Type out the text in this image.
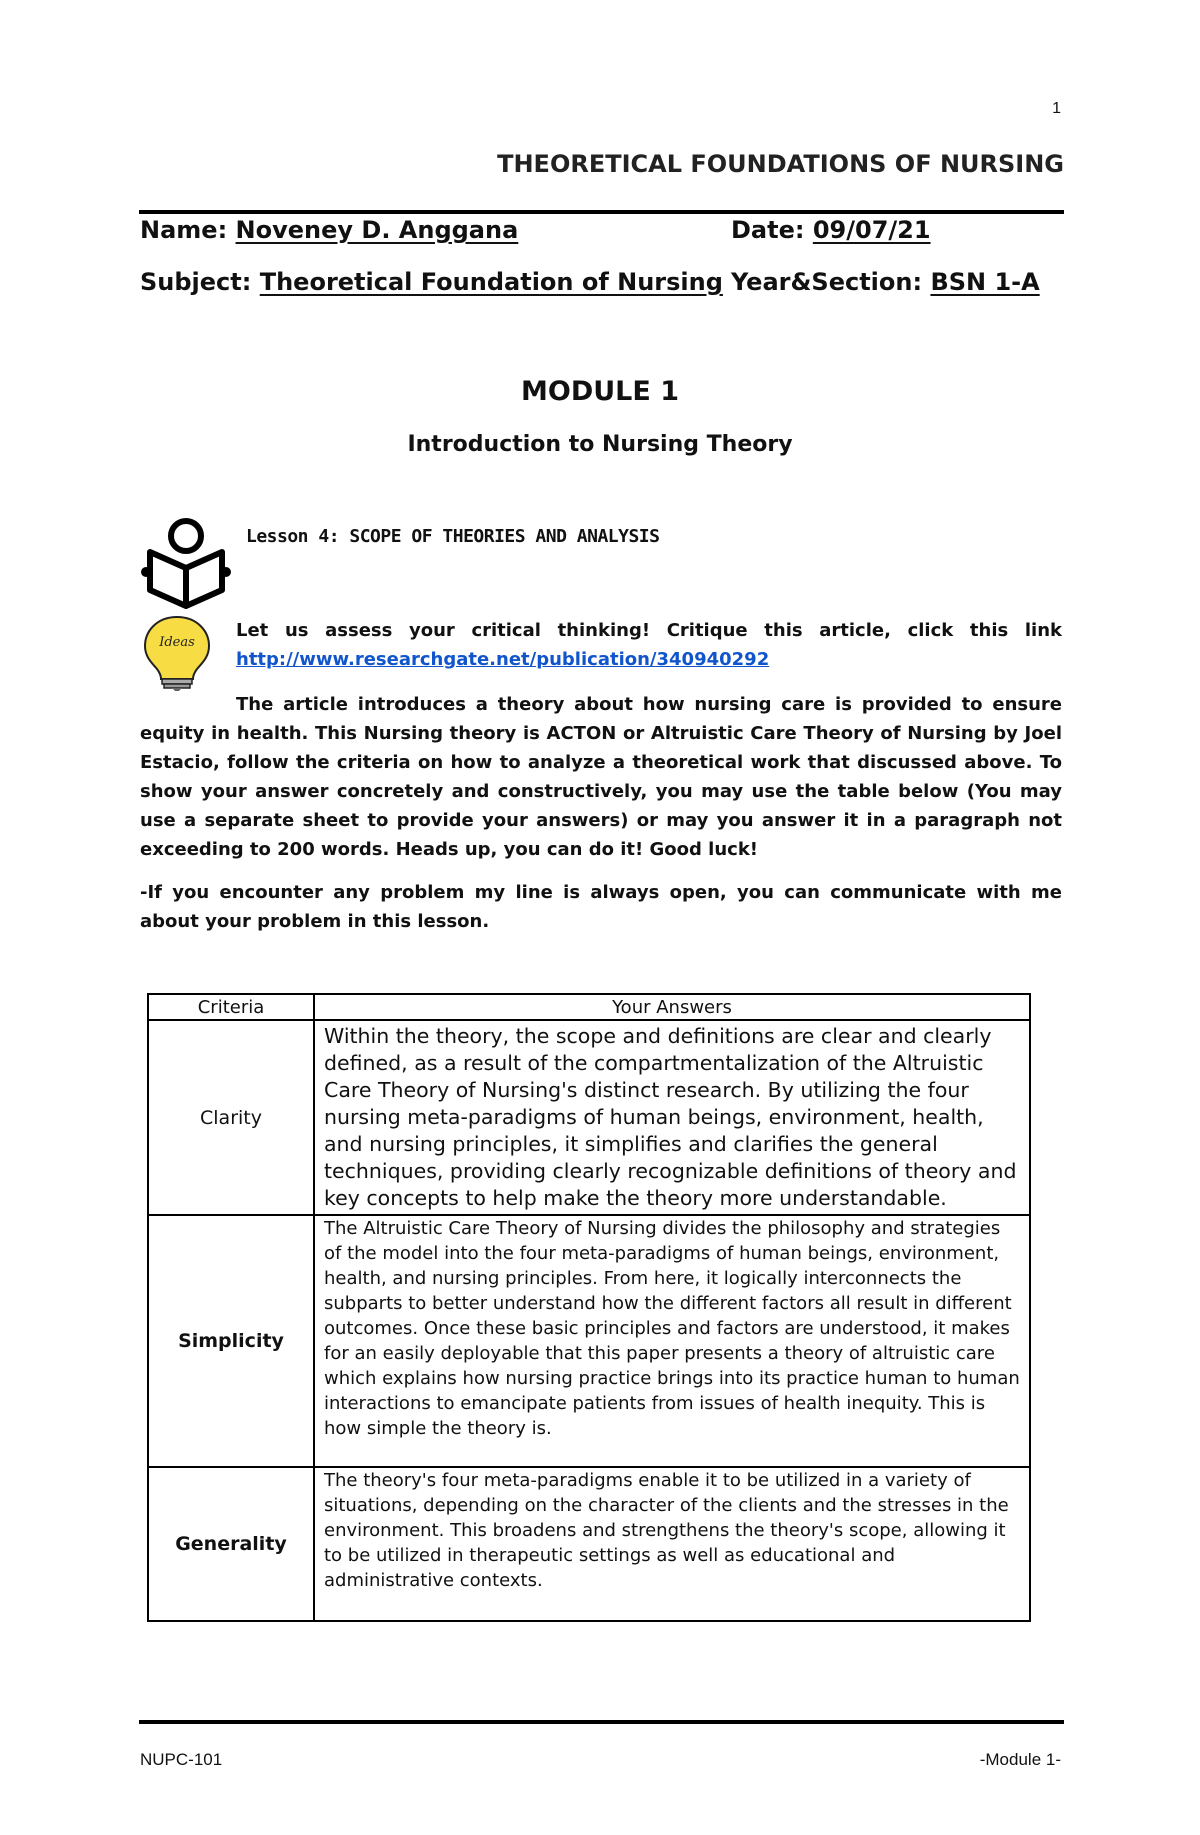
1
THEORETICAL FOUNDATIONS OF NURSING
Name: Noveney D. Anggana	Date: 09/07/21
Subject: Theoretical Foundation of Nursing Year&Section: BSN 1-A
MODULE 1
Introduction to Nursing Theory
Lesson 4: SCOPE OF THEORIES AND ANALYSIS
Ideas
Let us assess your critical thinking! Critique this article, click this link
http://www.researchgate.net/publication/340940292
The article introduces a theory about how nursing care is provided to ensure equity in health. This Nursing theory is ACTON or Altruistic Care Theory of Nursing by Joel Estacio, follow the criteria on how to analyze a theoretical work that discussed above. To show your answer concretely and constructively, you may use the table below (You may use a separate sheet to provide your answers) or may you answer it in a paragraph not exceeding to 200 words. Heads up, you can do it! Good luck!
-If you encounter any problem my line is always open, you can communicate with me about your problem in this lesson.
Criteria	Your Answers
Clarity	Within the theory, the scope and definitions are clear and clearly defined, as a result of the compartmentalization of the Altruistic Care Theory of Nursing's distinct research. By utilizing the four nursing meta-paradigms of human beings, environment, health, and nursing principles, it simplifies and clarifies the general techniques, providing clearly recognizable definitions of theory and key concepts to help make the theory more understandable.
Simplicity	The Altruistic Care Theory of Nursing divides the philosophy and strategies of the model into the four meta-paradigms of human beings, environment, health, and nursing principles. From here, it logically interconnects the subparts to better understand how the different factors all result in different outcomes. Once these basic principles and factors are understood, it makes for an easily deployable that this paper presents a theory of altruistic care which explains how nursing practice brings into its practice human to human interactions to emancipate patients from issues of health inequity. This is how simple the theory is.
Generality	The theory's four meta-paradigms enable it to be utilized in a variety of situations, depending on the character of the clients and the stresses in the environment. This broadens and strengthens the theory's scope, allowing it to be utilized in therapeutic settings as well as educational and administrative contexts.
NUPC-101	-Module 1-
